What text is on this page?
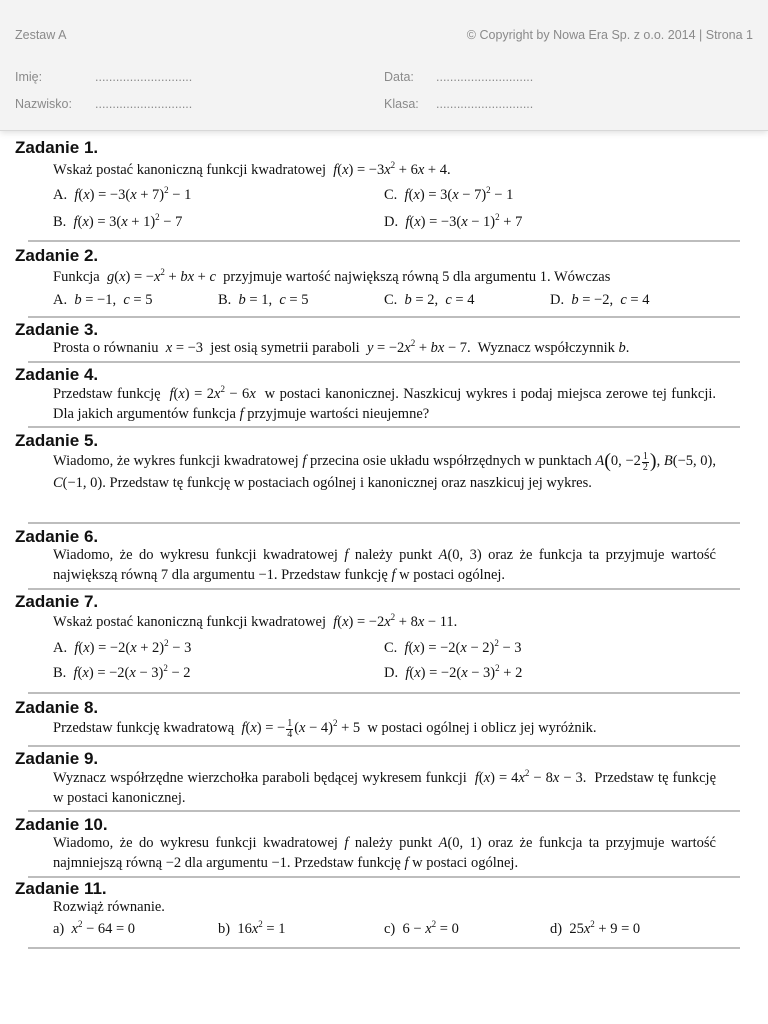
Zestaw A	© Copyright by Nowa Era Sp. z o.o. 2014 | Strona 1
Imię:	............................
Nazwisko: ............................
Data: ............................
Klasa: ............................
Zadanie 1.
Wskaż postać kanoniczną funkcji kwadratowej  $f(x) = -3x^2 + 6x + 4$.
A.  $f(x) = -3(x + 7)^2 - 1$	C.  $f(x) = 3(x - 7)^2 - 1$
B.  $f(x) = 3(x + 1)^2 - 7$	D.  $f(x) = -3(x - 1)^2 + 7$
Zadanie 2.
Funkcja  $g(x) = -x^2$ + bx + c  przyjmuje wartość największą równą 5 dla argumentu 1. Wówczas
A.  b = −1,  c = 5	B.  b = 1,  c = 5	C.  b = 2,  c = 4	D.  b = −2,  c = 4
Zadanie 3.
Prosta o równaniu  x = −3  jest osią symetrii paraboli  $y = -2x^2$ + bx − 7.  Wyznacz współczynnik b.
Zadanie 4.
Przedstaw funkcję  $f(x) = 2x^2 - 6x$  w postaci kanonicznej. Naszkicuj wykres i podaj miejsca zerowe tej funkcji. Dla jakich argumentów funkcja f przyjmuje wartości nieujemne?
Zadanie 5.
Wiadomo, że wykres funkcji kwadratowej f przecina osie układu współrzędnych w punktach A(0, $-2 \frac{1}{2}$ ), B(−5, 0), C(−1, 0). Przedstaw tę funkcję w postaciach ogólnej i kanonicznej oraz naszkicuj jej wykres.
Zadanie 6.
Wiadomo, że do wykresu funkcji kwadratowej f należy punkt A(0, 3) oraz że funkcja ta przyjmuje wartość największą równą 7 dla argumentu −1. Przedstaw funkcję f w postaci ogólnej.
Zadanie 7.
Wskaż postać kanoniczną funkcji kwadratowej  $f(x) = -2x^2 + 8x - 11$.
A.  $f(x) = -2(x + 2)^2 - 3$	C.  $f(x) = -2(x - 2)^2 - 3$
B.  $f(x) = -2(x - 3)^2 - 2$	D.  $f(x) = -2(x - 3)^2 + 2$
Zadanie 8.
Przedstaw funkcję kwadratową  f(x) = − $\frac{1}{4} (x - 4)^2 + 5$  w postaci ogólnej i oblicz jej wyróżnik.
Zadanie 9.
Wyznacz współrzędne wierzchołka paraboli będącej wykresem funkcji  $f(x) = 4x^2 - 8x - 3$.  Przedstaw tę funkcję w postaci kanonicznej.
Zadanie 10.
Wiadomo, że do wykresu funkcji kwadratowej f należy punkt A(0, 1) oraz że funkcja ta przyjmuje wartość najmniejszą równą −2 dla argumentu −1. Przedstaw funkcję f w postaci ogólnej.
Zadanie 11.
Rozwiąż równanie.
a)  $x^2 - 64 = 0$	b)  $16x^2 = 1$	c)  $6 - x^2 = 0$	d)  $25x^2 + 9 = 0$
